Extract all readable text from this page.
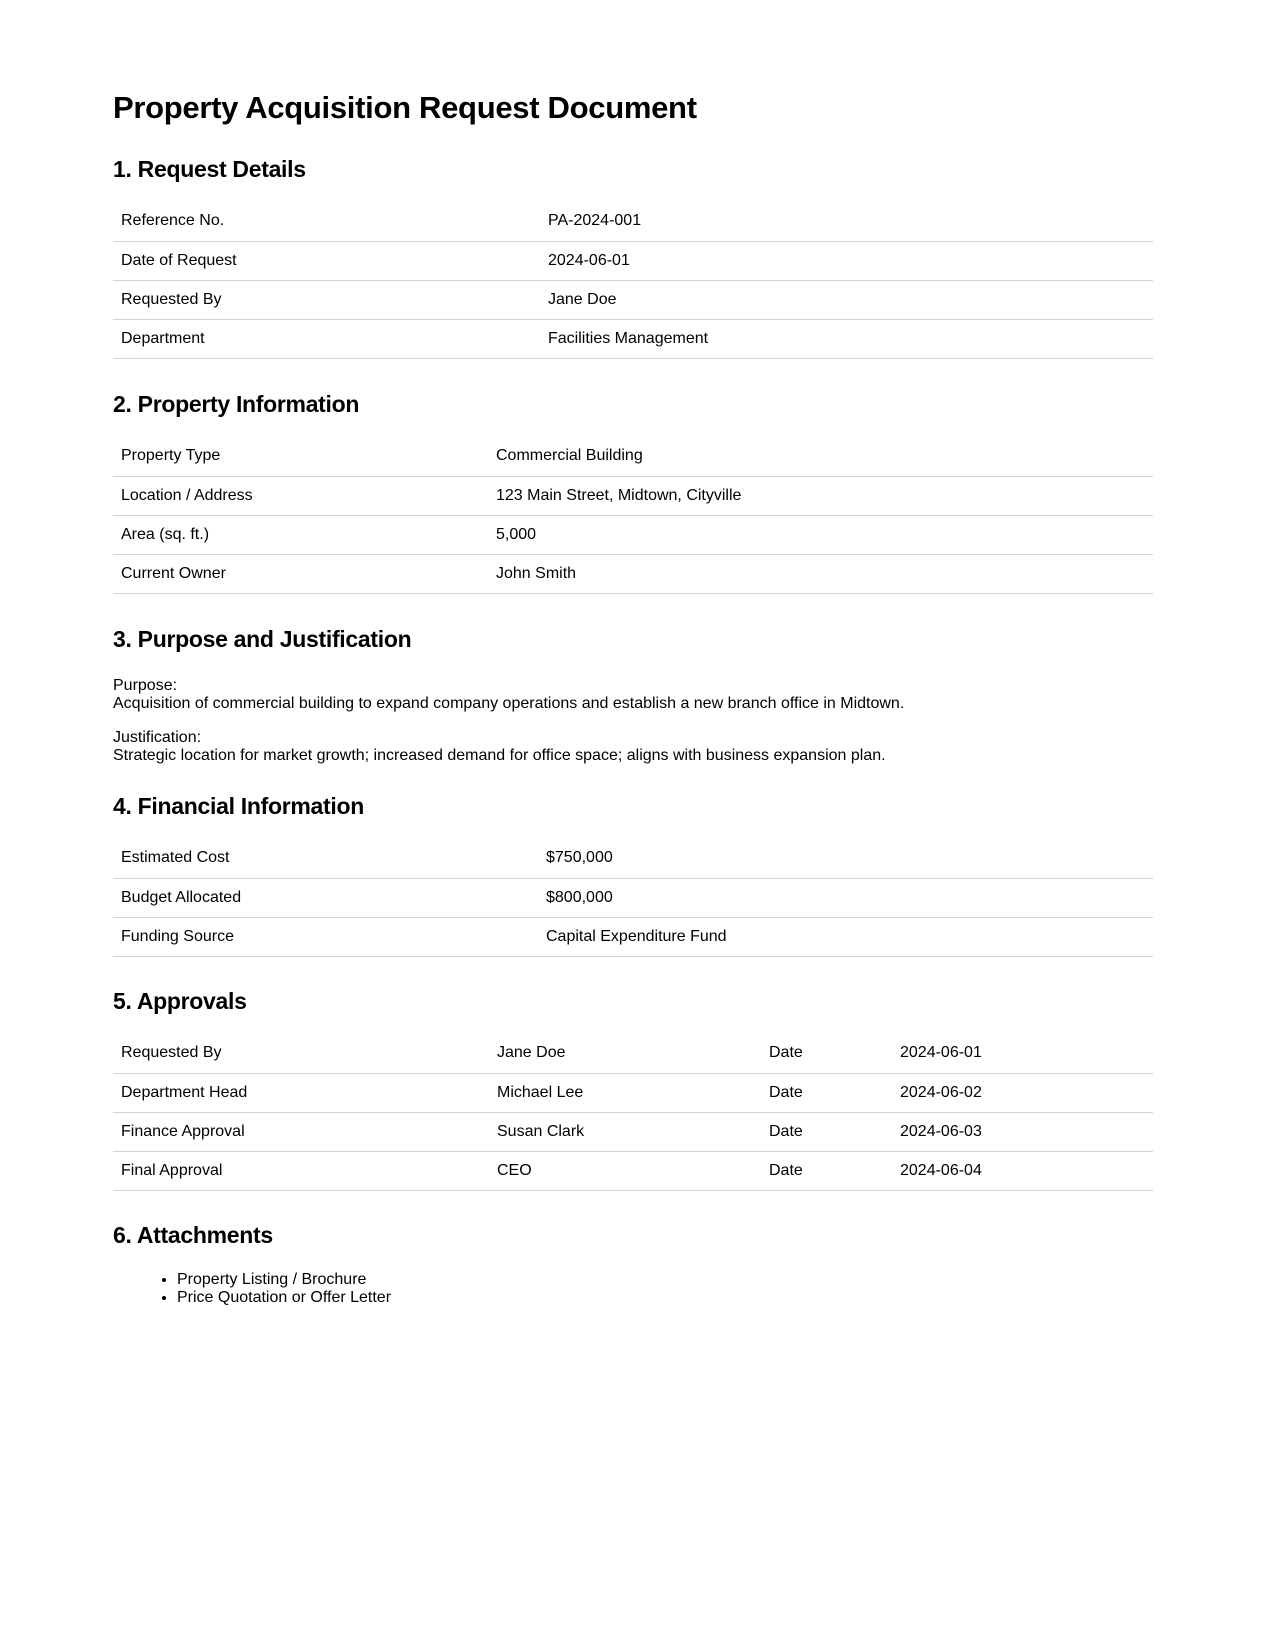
Property Acquisition Request Document
1. Request Details
Reference No.	PA-2024-001
Date of Request	2024-06-01
Requested By	Jane Doe
Department	Facilities Management
2. Property Information
Property Type	Commercial Building
Location / Address	123 Main Street, Midtown, Cityville
Area (sq. ft.)	5,000
Current Owner	John Smith
3. Purpose and Justification
Purpose:
Acquisition of commercial building to expand company operations and establish a new branch office in Midtown.
Justification:
Strategic location for market growth; increased demand for office space; aligns with business expansion plan.
4. Financial Information
Estimated Cost	$750,000
Budget Allocated	$800,000
Funding Source	Capital Expenditure Fund
5. Approvals
Requested By	Jane Doe	Date	2024-06-01
Department Head	Michael Lee	Date	2024-06-02
Finance Approval	Susan Clark	Date	2024-06-03
Final Approval	CEO	Date	2024-06-04
6. Attachments
• Property Listing / Brochure
• Price Quotation or Offer Letter
